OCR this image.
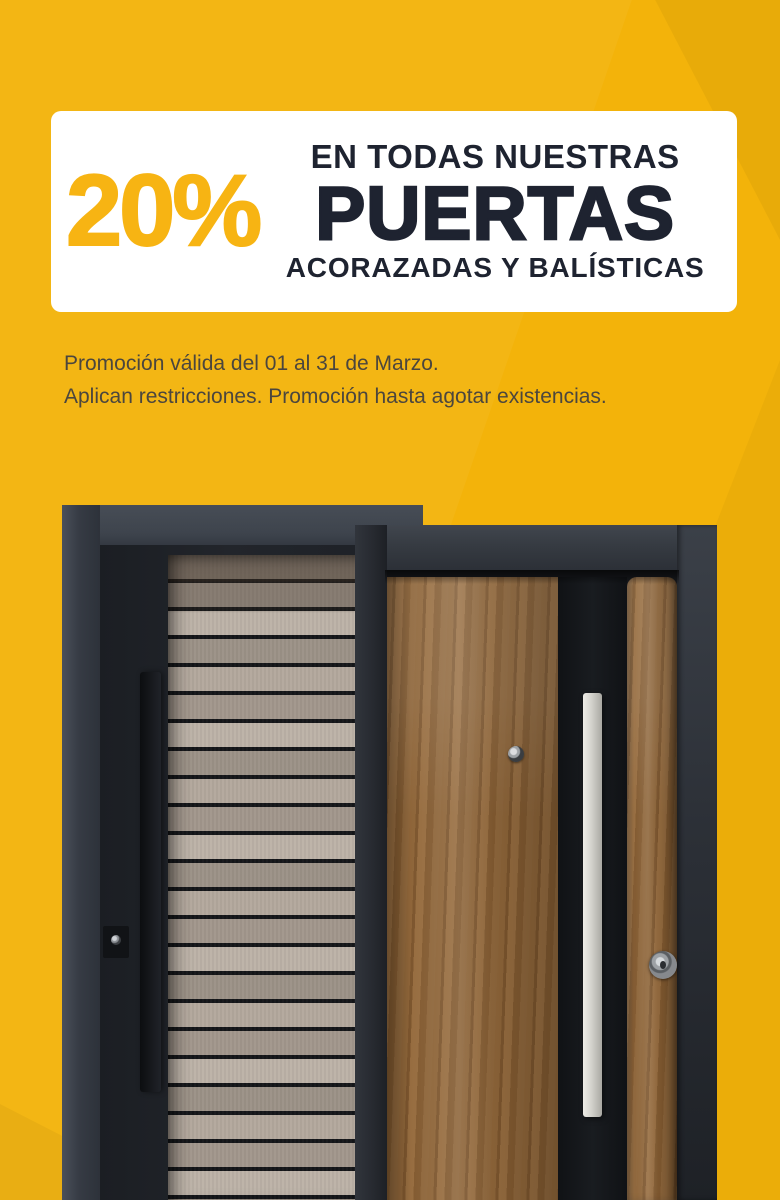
20%	EN TODAS NUESTRAS
PUERTAS
ACORAZADAS Y BALÍSTICAS
Promoción válida del 01 al 31 de Marzo.
Aplican restricciones. Promoción hasta agotar existencias.
